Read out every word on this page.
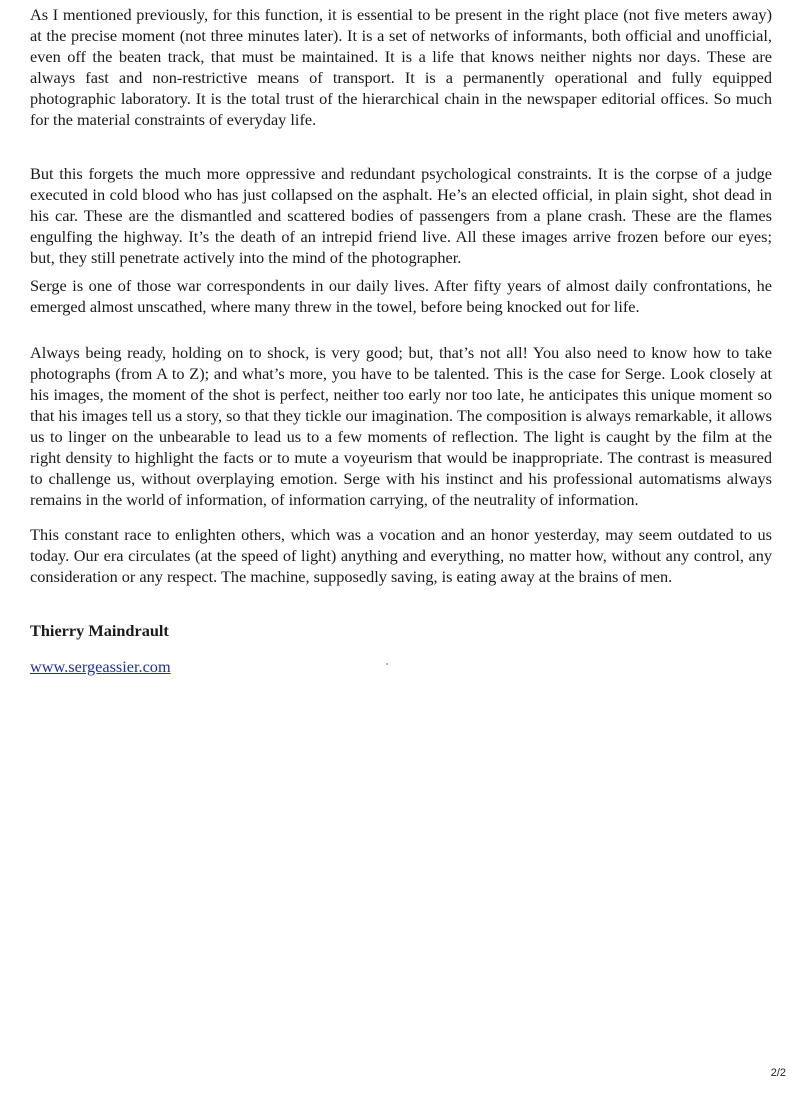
As I mentioned previously, for this function, it is essential to be present in the right place (not five meters away) at the precise moment (not three minutes later). It is a set of networks of informants, both official and unofficial, even off the beaten track, that must be maintained. It is a life that knows neither nights nor days. These are always fast and non-restrictive means of transport. It is a permanently operational and fully equipped photographic laboratory. It is the total trust of the hierarchical chain in the newspaper editorial offices. So much for the material constraints of everyday life.

But this forgets the much more oppressive and redundant psychological constraints. It is the corpse of a judge executed in cold blood who has just collapsed on the asphalt. He’s an elected official, in plain sight, shot dead in his car. These are the dismantled and scattered bodies of passengers from a plane crash. These are the flames engulfing the highway. It’s the death of an intrepid friend live. All these images arrive frozen before our eyes; but, they still penetrate actively into the mind of the photographer.

Serge is one of those war correspondents in our daily lives. After fifty years of almost daily confrontations, he emerged almost unscathed, where many threw in the towel, before being knocked out for life.

Always being ready, holding on to shock, is very good; but, that’s not all! You also need to know how to take photographs (from A to Z); and what’s more, you have to be talented. This is the case for Serge. Look closely at his images, the moment of the shot is perfect, neither too early nor too late, he anticipates this unique moment so that his images tell us a story, so that they tickle our imagination. The composition is always remarkable, it allows us to linger on the unbearable to lead us to a few moments of reflection. The light is caught by the film at the right density to highlight the facts or to mute a voyeurism that would be inappropriate. The contrast is measured to challenge us, without overplaying emotion. Serge with his instinct and his professional automatisms always remains in the world of information, of information carrying, of the neutrality of information.

This constant race to enlighten others, which was a vocation and an honor yesterday, may seem outdated to us today. Our era circulates (at the speed of light) anything and everything, no matter how, without any control, any consideration or any respect. The machine, supposedly saving, is eating away at the brains of men.

Thierry Maindrault

www.sergeassier.com
2/2
